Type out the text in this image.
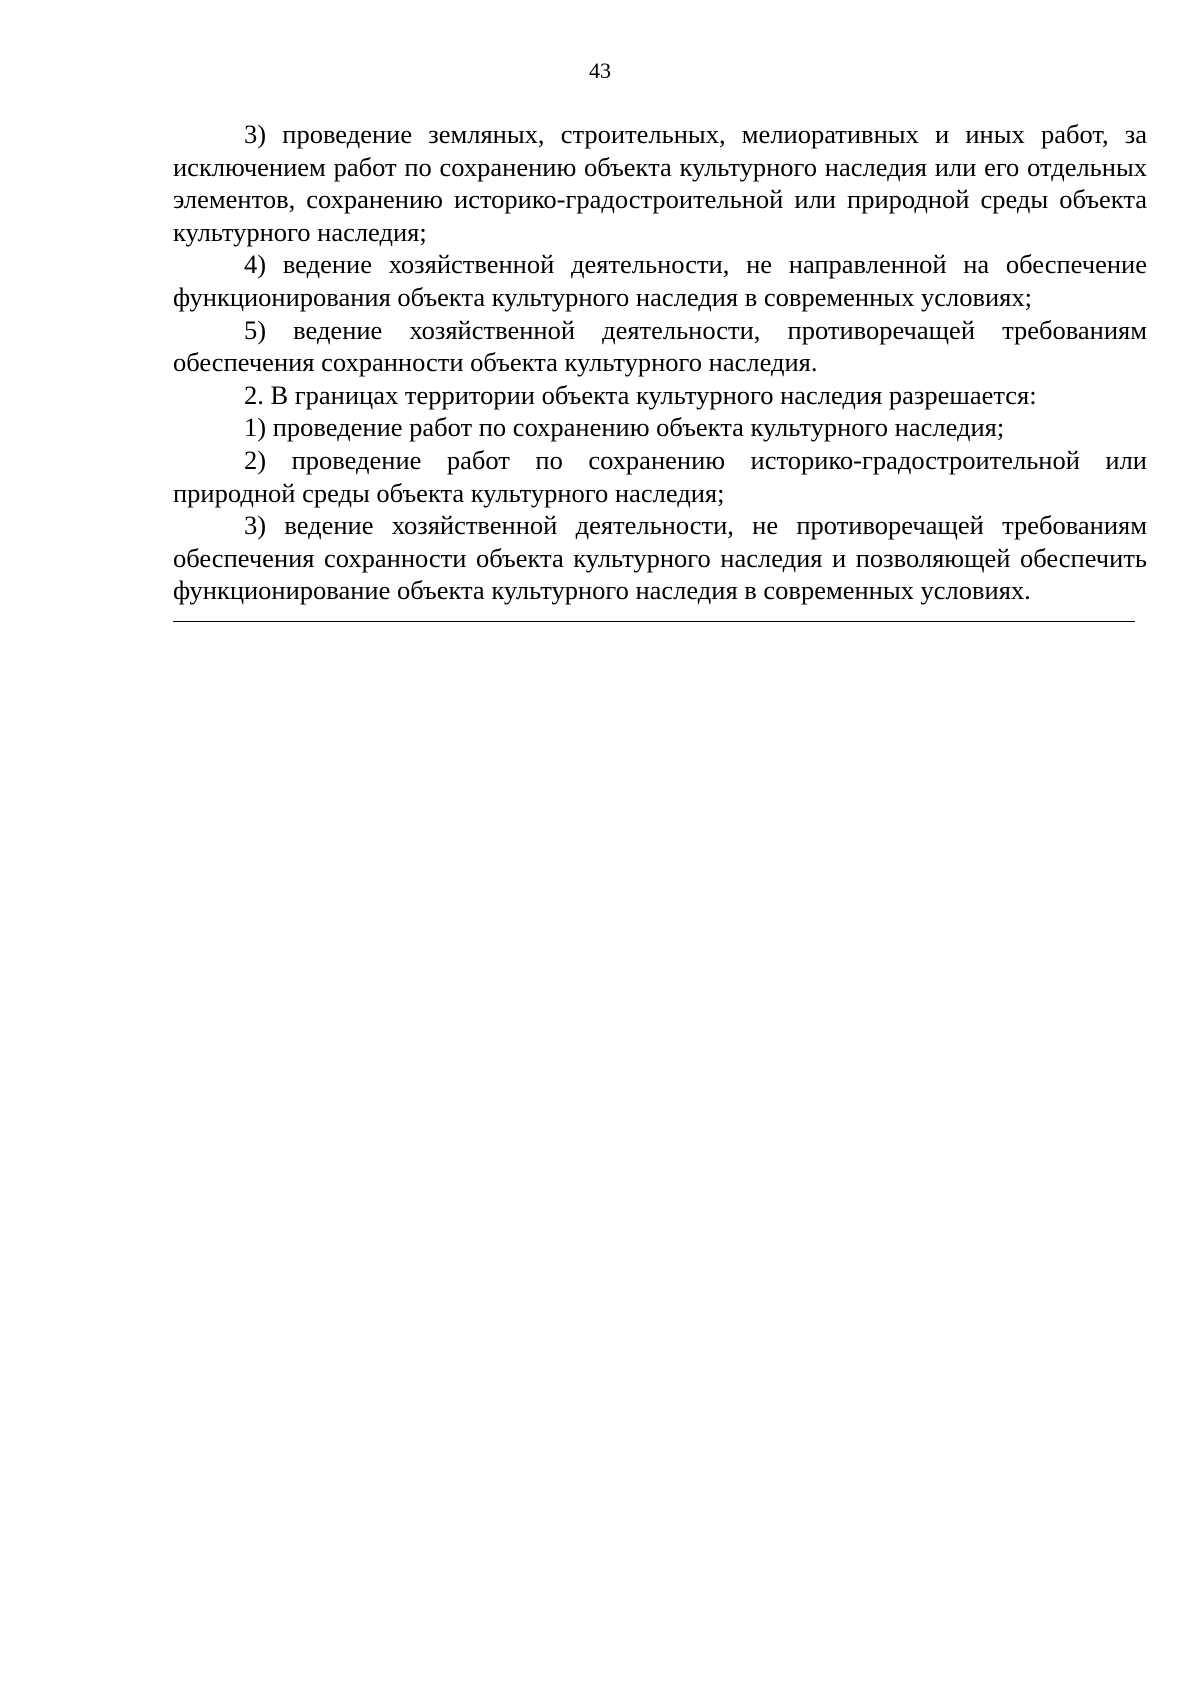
43

3) проведение земляных, строительных, мелиоративных и иных работ, за исключением работ по сохранению объекта культурного наследия или его отдельных элементов, сохранению историко-градостроительной или природной среды объекта культурного наследия;

4) ведение хозяйственной деятельности, не направленной на обеспечение функционирования объекта культурного наследия в современных условиях;

5) ведение хозяйственной деятельности, противоречащей требованиям обеспечения сохранности объекта культурного наследия.

2. В границах территории объекта культурного наследия разрешается:

1) проведение работ по сохранению объекта культурного наследия;

2) проведение работ по сохранению историко-градостроительной или природной среды объекта культурного наследия;

3) ведение хозяйственной деятельности, не противоречащей требованиям обеспечения сохранности объекта культурного наследия и позволяющей обеспечить функционирование объекта культурного наследия в современных условиях.
